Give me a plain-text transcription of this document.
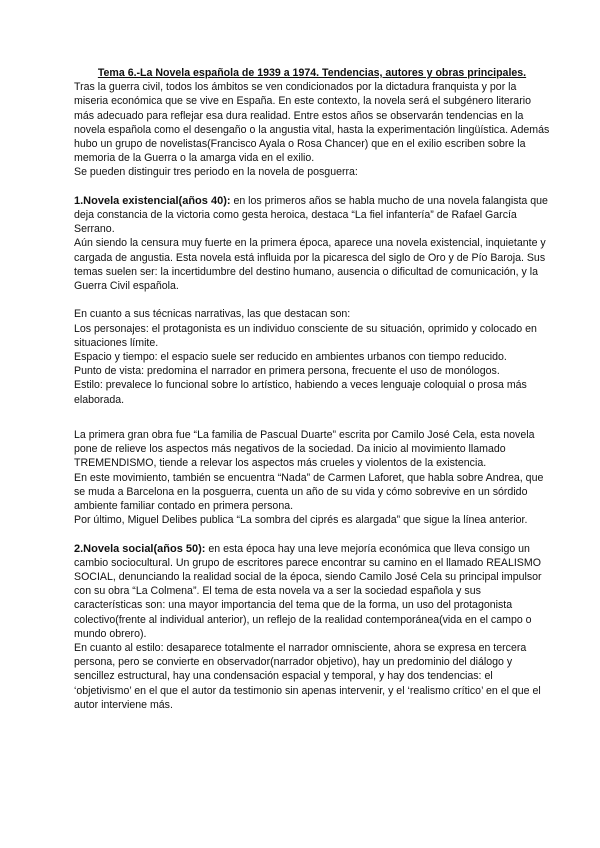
Tema 6.-La Novela española de 1939 a 1974. Tendencias, autores y obras principales.

Tras la guerra civil, todos los ámbitos se ven condicionados por la dictadura franquista y por la miseria económica que se vive en España. En este contexto, la novela será el subgénero literario más adecuado para reflejar esa dura realidad. Entre estos años se observarán tendencias en la novela española como el desengaño o la angustia vital, hasta la experimentación lingüística. Además hubo un grupo de novelistas(Francisco Ayala o Rosa Chancer) que en el exilio escriben sobre la memoria de la Guerra o la amarga vida en el exilio.

Se pueden distinguir tres periodo en la novela de posguerra:

1.Novela existencial(años 40): en los primeros años se habla mucho de una novela falangista que deja constancia de la victoria como gesta heroica, destaca “La fiel infantería” de Rafael García Serrano.

Aún siendo la censura muy fuerte en la primera época, aparece una novela existencial, inquietante y cargada de angustia. Esta novela está influida por la picaresca del siglo de Oro y de Pío Baroja. Sus temas suelen ser: la incertidumbre del destino humano, ausencia o dificultad de comunicación, y la Guerra Civil española.

En cuanto a sus técnicas narrativas, las que destacan son:

Los personajes: el protagonista es un individuo consciente de su situación, oprimido y colocado en situaciones límite.

Espacio y tiempo: el espacio suele ser reducido en ambientes urbanos con tiempo reducido.

Punto de vista: predomina el narrador en primera persona, frecuente el uso de monólogos.

Estilo: prevalece lo funcional sobre lo artístico, habiendo a veces lenguaje coloquial o prosa más elaborada.

La primera gran obra fue “La familia de Pascual Duarte” escrita por Camilo José Cela, esta novela pone de relieve los aspectos más negativos de la sociedad. Da inicio al movimiento llamado TREMENDISMO, tiende a relevar los aspectos más crueles y violentos de la existencia.

En este movimiento, también se encuentra “Nada” de Carmen Laforet, que habla sobre Andrea, que se muda a Barcelona en la posguerra, cuenta un año de su vida y cómo sobrevive en un sórdido ambiente familiar contado en primera persona.

Por último, Miguel Delibes publica “La sombra del ciprés es alargada” que sigue la línea anterior.

2.Novela social(años 50): en esta época hay una leve mejoría económica que lleva consigo un cambio sociocultural. Un grupo de escritores parece encontrar su camino en el llamado REALISMO SOCIAL, denunciando la realidad social de la época, siendo Camilo José Cela su principal impulsor con su obra “La Colmena”. El tema de esta novela va a ser la sociedad española y sus características son: una mayor importancia del tema que de la forma, un uso del protagonista colectivo(frente al individual anterior), un reflejo de la realidad contemporánea(vida en el campo o mundo obrero).

En cuanto al estilo: desaparece totalmente el narrador omnisciente, ahora se expresa en tercera persona, pero se convierte en observador(narrador objetivo), hay un predominio del diálogo y sencillez estructural, hay una condensación espacial y temporal, y hay dos tendencias: el ‘objetivismo’ en el que el autor da testimonio sin apenas intervenir, y el ‘realismo crítico’ en el que el autor interviene más.
